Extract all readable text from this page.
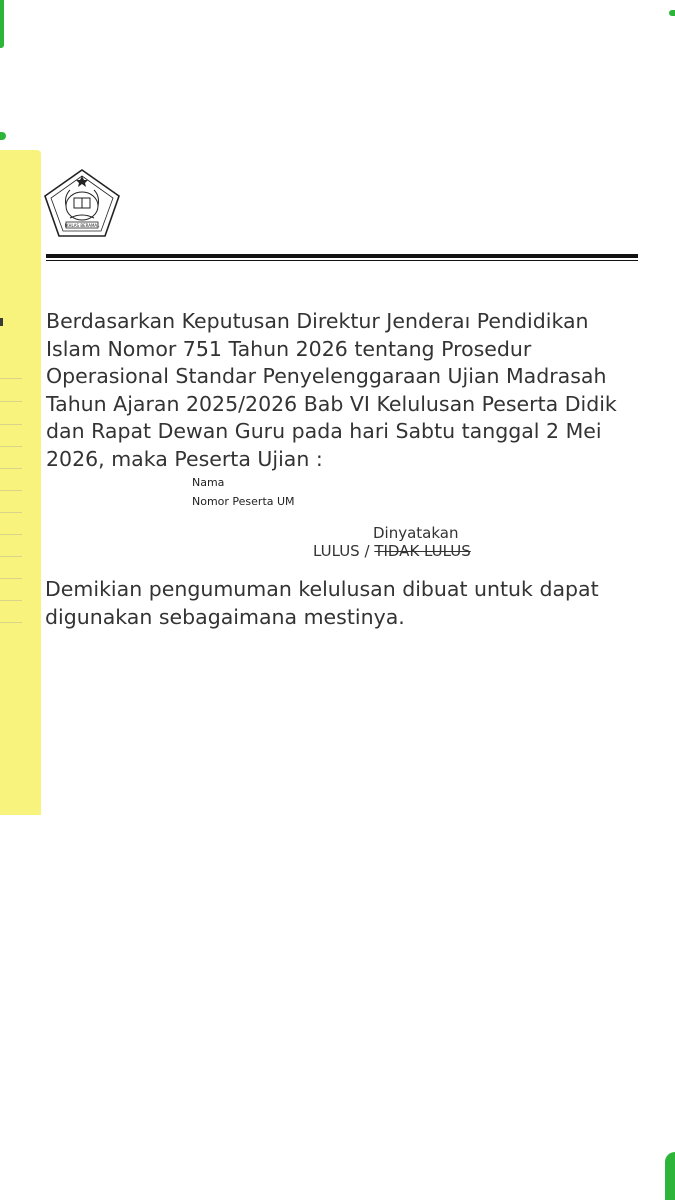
IKHLAS BERAMAL
Berdasarkan Keputusan Direktur Jenderaı Pendidikan Islam Nomor 751 Tahun 2026 tentang Prosedur Operasional Standar Penyelenggaraan Ujian Madrasah Tahun Ajaran 2025/2026 Bab VI Kelulusan Peserta Didik dan Rapat Dewan Guru pada hari Sabtu tanggal 2 Mei 2026, maka Peserta Ujian :
Nama
Nomor Peserta UM
Dinyatakan
LULUS / TIDAK LULUS
Demikian pengumuman kelulusan dibuat untuk dapat digunakan sebagaimana mestinya.
